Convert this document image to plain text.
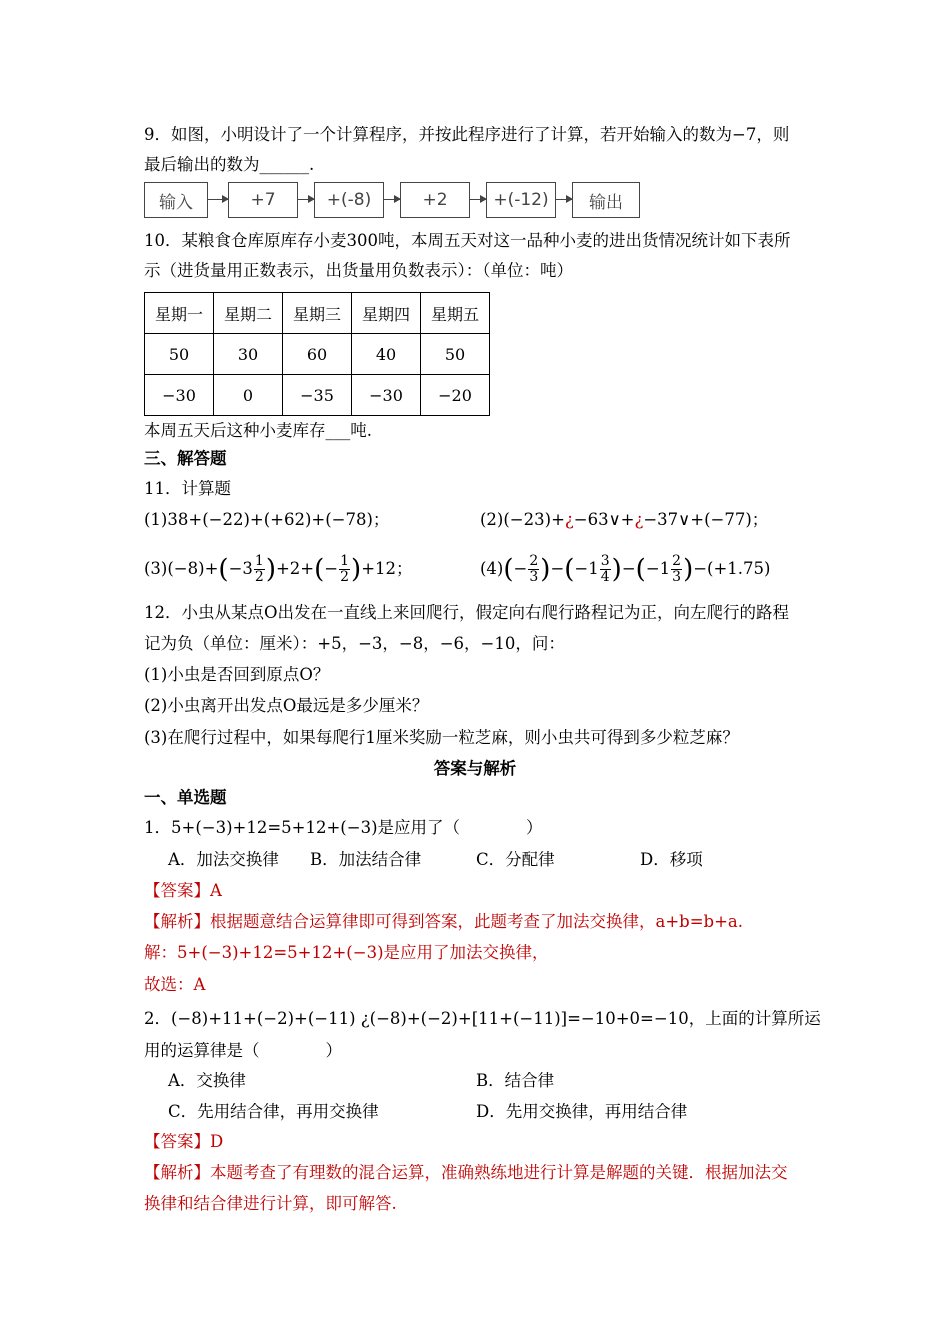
9．如图，小明设计了一个计算程序，并按此程序进行了计算，若开始输入的数为−7，则
最后输出的数为______.
输入	+7	+(-8)	+2	+(-12)	输出
10．某粮食仓库原库存小麦300吨，本周五天对这一品种小麦的进出货情况统计如下表所
示（进货量用正数表示，出货量用负数表示）：（单位：吨）
星期一	星期二	星期三	星期四	星期五
50	30	60	40	50
−30	0	−35	−30	−20
本周五天后这种小麦库存___吨.
三、解答题
11．计算题
(1)38+(−22)+(+62)+(−78)；	(2)(−23)+¿−63∨+¿−37∨+(−77)；
$(3)(-8)+(-3 \frac{1}{2} )+2+(- \frac{1}{2} )+12$；	$(4)(- \frac{2}{3} )-(-1 \frac{3}{4} )-(-1 \frac{2}{3} )-(+1.75)$
12．小虫从某点O出发在一直线上来回爬行，假定向右爬行路程记为正，向左爬行的路程
记为负（单位：厘米）：+5，−3，−8，−6，−10，问：
(1)小虫是否回到原点O？
(2)小虫离开出发点O最远是多少厘米？
(3)在爬行过程中，如果每爬行1厘米奖励一粒芝麻，则小虫共可得到多少粒芝麻？
答案与解析
一、单选题
1．5+(−3)+12=5+12+(−3)是应用了（　　　　）
A．加法交换律 B．加法结合律	C．分配律	D．移项
【答案】A
【解析】根据题意结合运算律即可得到答案，此题考查了加法交换律，a+b=b+a.
解：5+(−3)+12=5+12+(−3)是应用了加法交换律，
故选：A
2．(−8)+11+(−2)+(−11) ¿(−8)+(−2)+[11+(−11)]=−10+0=−10，上面的计算所运
用的运算律是（　　　　）
A．交换律	B．结合律
C．先用结合律，再用交换律	D．先用交换律，再用结合律
【答案】D
【解析】本题考查了有理数的混合运算，准确熟练地进行计算是解题的关键．根据加法交
换律和结合律进行计算，即可解答.
